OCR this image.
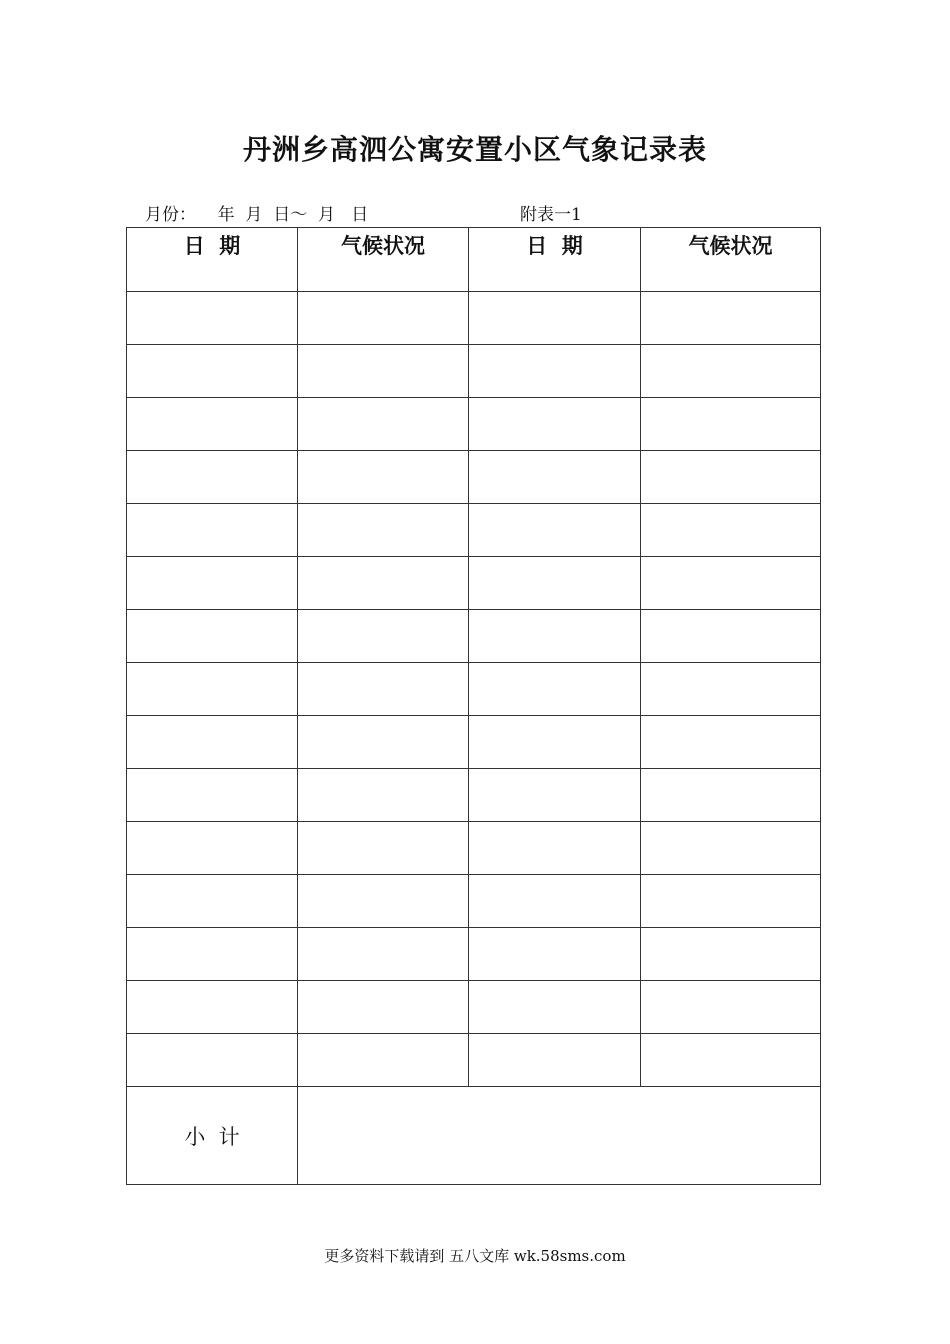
丹洲乡高泗公寓安置小区气象记录表
月份：    年  月  日～  月   日	附表一1
日  期	气候状况	日  期	气候状况

小  计			
更多资料下载请到 五八文库 wk.58sms.com
